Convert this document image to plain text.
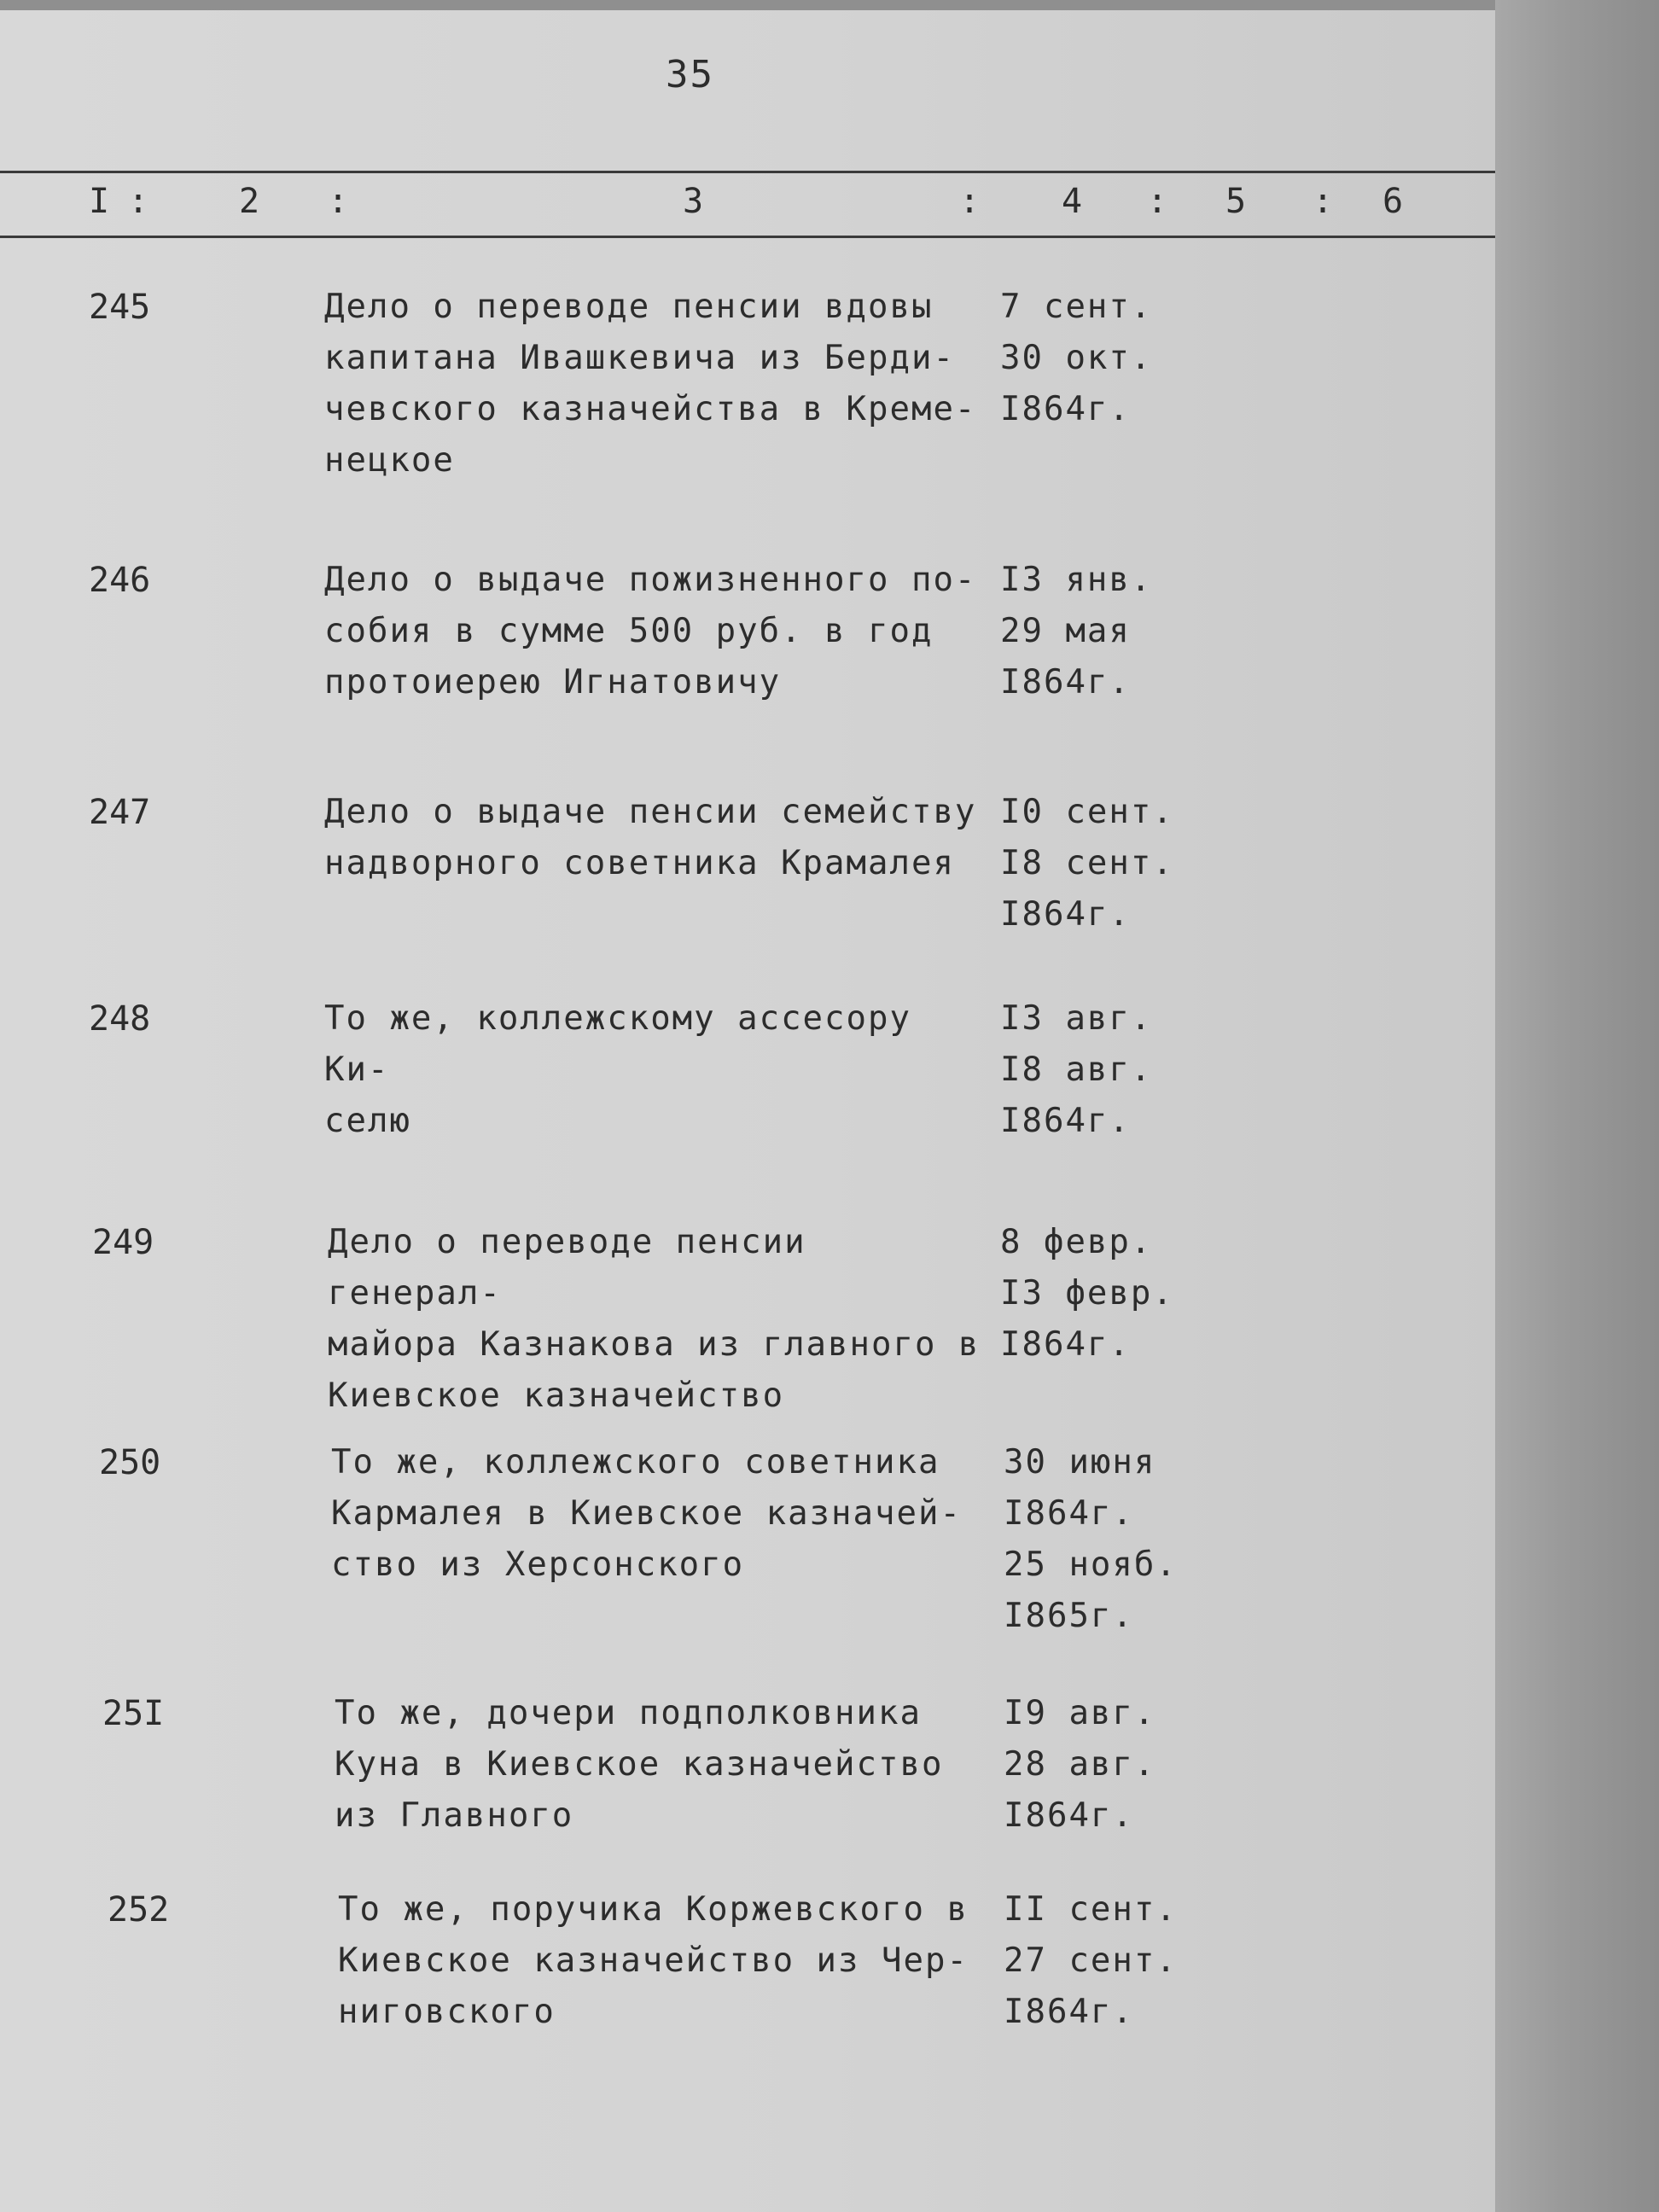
35
I :	2 :	3	: 4 : 5 : 6
245	Дело о переводе пенсии вдовы
капитана Ивашкевича из Берди-
чевского казначейства в Креме-
нецкое
7 сент.
30 окт.
I864г.
246	Дело о выдаче пожизненного по-
собия в сумме 500 руб. в год
протоиерею Игнатовичу
I3 янв.
29 мая
I864г.
247	Дело о выдаче пенсии семейству
надворного советника Крамалея
I0 сент.
I8 сент.
I864г.
248	То же, коллежскому ассесору Ки-
селю
I3 авг.
I8 авг.
I864г.
249	Дело о переводе пенсии генерал-
майора Казнакова из главного в
Киевское казначейство
8 февр.
I3 февр.
I864г.
250	То же, коллежского советника
Кармалея в Киевское казначей-
ство из Херсонского
30 июня
I864г.
25 нояб.
I865г.
25I	То же, дочери подполковника
Куна в Киевское казначейство
из Главного
I9 авг.
28 авг.
I864г.
252	То же, поручика Коржевского в
Киевское казначейство из Чер-
ниговского
II сент.
27 сент.
I864г.
